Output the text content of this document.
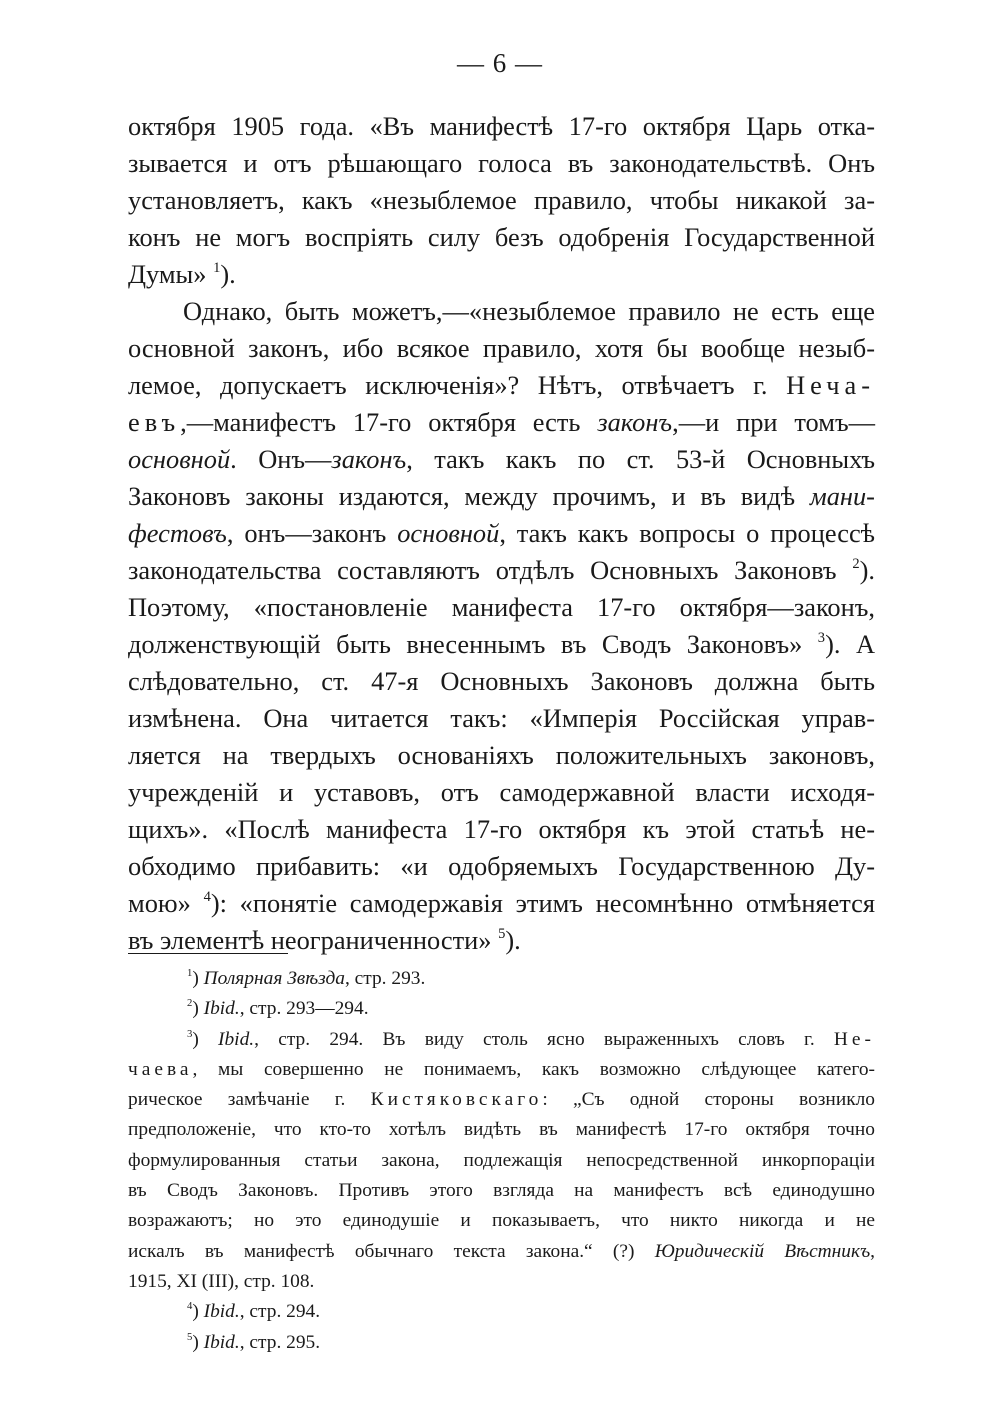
— 6 —

октября 1905 года. «Въ манифестѣ 17-го октября Царь отка-

зывается и отъ рѣшающаго голоса въ законодательствѣ. Онъ

установляетъ, какъ «незыблемое правило, чтобы никакой за-

конъ не могъ воспріять силу безъ одобренія Государственной

Думы» $^1$).

Однако, быть можетъ,—«незыблемое правило не есть еще

основной законъ, ибо всякое правило, хотя бы вообще незыб-

лемое, допускаетъ исключенія»? Нѣтъ, отвѣчаетъ г. Неча-

евъ,—манифестъ 17-го октября есть законъ,—и при томъ—

основной. Онъ—законъ, такъ какъ по ст. 53-й Основныхъ

Законовъ законы издаются, между прочимъ, и въ видѣ мани-

фестовъ, онъ—законъ основной, такъ какъ вопросы о процессѣ

законодательства составляютъ отдѣлъ Основныхъ Законовъ $^2$).

Поэтому, «постановленіе манифеста 17-го октября—законъ,

долженствующій быть внесеннымъ въ Сводъ Законовъ» $^3$). А

слѣдовательно, ст. 47-я Основныхъ Законовъ должна быть

измѣнена. Она читается такъ: «Имперія Россійская управ-

ляется на твердыхъ основаніяхъ положительныхъ законовъ,

учрежденій и уставовъ, отъ самодержавной власти исходя-

щихъ». «Послѣ манифеста 17-го октября къ этой статьѣ не-

обходимо прибавить: «и одобряемыхъ Государственною Ду-

мою» $^4$): «понятіе самодержавія этимъ несомнѣнно отмѣняется

въ элементѣ неограниченности» $^5$).

$^1$) Полярная Звѣзда, стр. 293.

$^2$) Ibid., стр. 293—294.

$^3$) Ibid., стр. 294. Въ виду столь ясно выраженныхъ словъ г. Не-

чаева, мы совершенно не понимаемъ, какъ возможно слѣдующее катего-

рическое замѣчаніе г. Кистяковскаго: „Съ одной стороны возникло

предположеніе, что кто-то хотѣлъ видѣть въ манифестѣ 17-го октября точно

формулированныя статьи закона, подлежащія непосредственной инкорпораціи

въ Сводъ Законовъ. Противъ этого взгляда на манифестъ всѣ единодушно

возражаютъ; но это единодушіе и показываетъ, что никто никогда и не

искалъ въ манифестѣ обычнаго текста закона.“ (?) Юридическій Вѣстникъ,

1915, XI (III), стр. 108.

$^4$) Ibid., стр. 294.

$^5$) Ibid., стр. 295.
